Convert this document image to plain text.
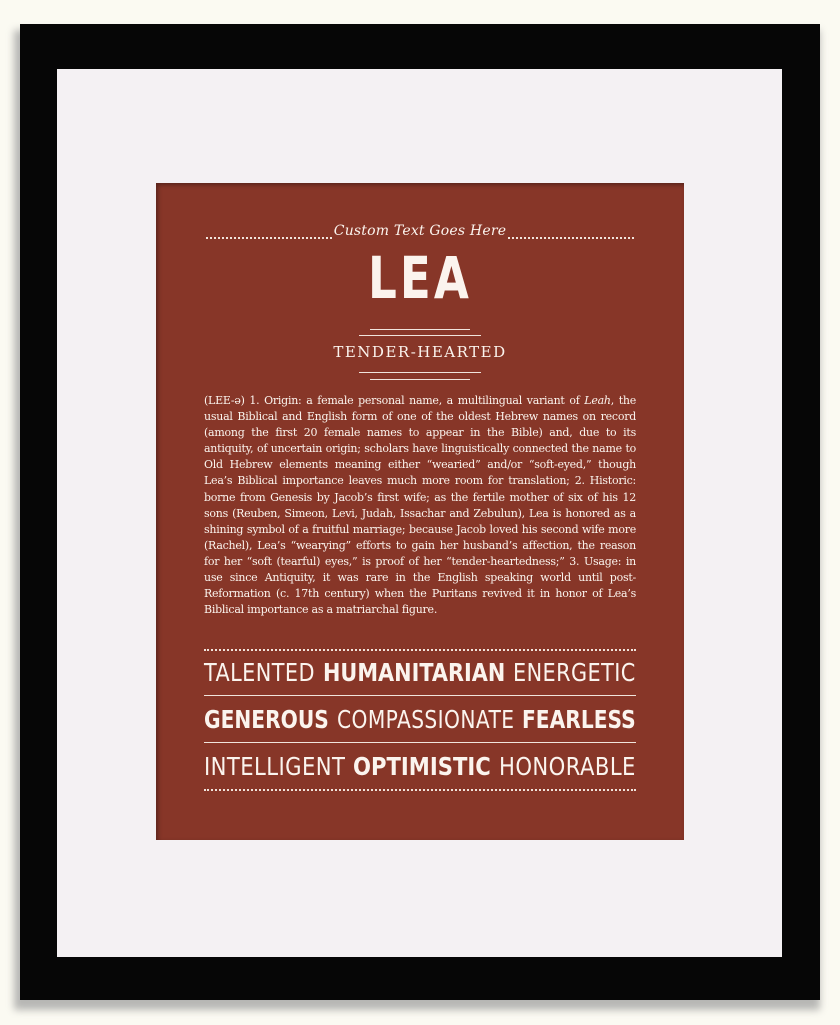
Custom Text Goes Here
LEA
TENDER-HEARTED
(LEE-ə) 1. Origin: a female personal name, a multilingual variant of Leah, the usual Biblical and English form of one of the oldest Hebrew names on record (among the first 20 female names to appear in the Bible) and, due to its antiquity, of uncertain origin; scholars have linguistically connected the name to Old Hebrew elements meaning either “wearied” and/or “soft-eyed,” though Lea’s Biblical importance leaves much more room for translation; 2. Historic: borne from Genesis by Jacob’s first wife; as the fertile mother of six of his 12 sons (Reuben, Simeon, Levi, Judah, Issachar and Zebulun), Lea is honored as a shining symbol of a fruitful marriage; because Jacob loved his second wife more (Rachel), Lea’s “wearying” efforts to gain her husband’s affection, the reason for her “soft (tearful) eyes,” is proof of her “tender-heartedness;” 3. Usage: in use since Antiquity, it was rare in the English speaking world until post-Reformation (c. 17th century) when the Puritans revived it in honor of Lea’s Biblical importance as a matriarchal figure.
TALENTED HUMANITARIAN ENERGETIC
GENEROUS COMPASSIONATE FEARLESS
INTELLIGENT OPTIMISTIC HONORABLE
